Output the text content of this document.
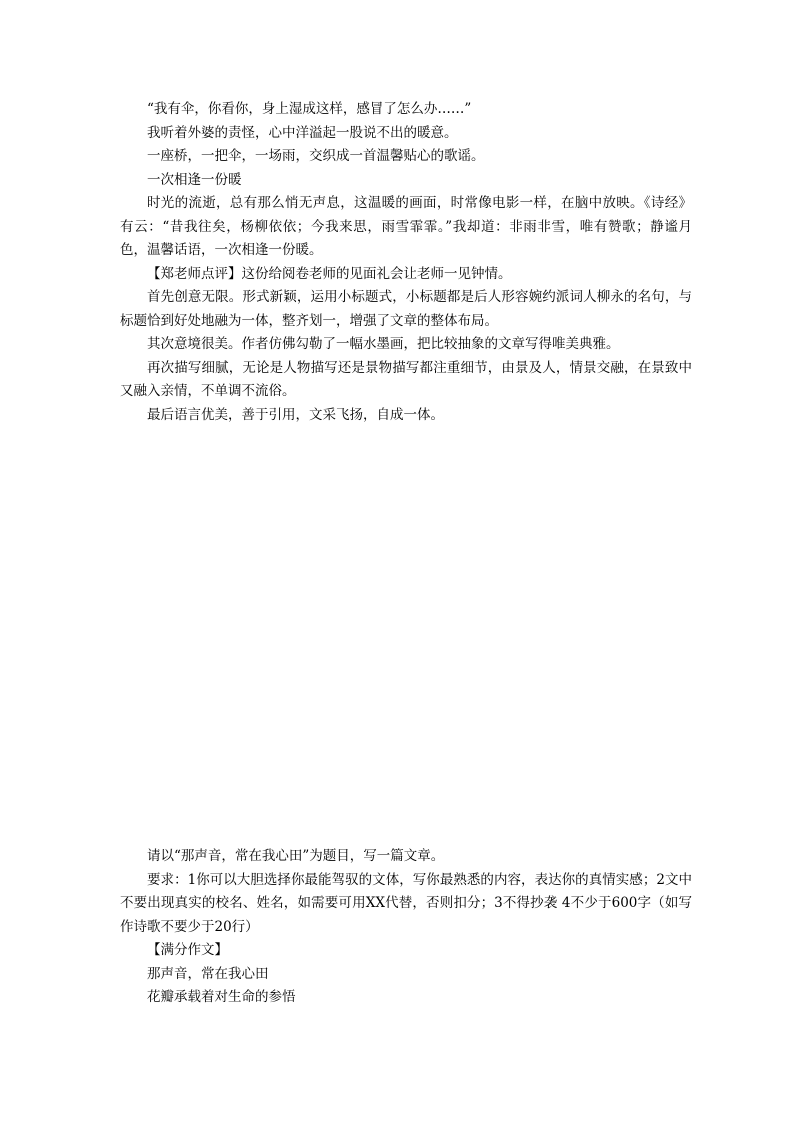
“我有伞，你看你，身上湿成这样，感冒了怎么办……”

我听着外婆的责怪，心中洋溢起一股说不出的暖意。

一座桥，一把伞，一场雨，交织成一首温馨贴心的歌谣。

一次相逢一份暖

时光的流逝，总有那么悄无声息，这温暖的画面，时常像电影一样，在脑中放映。《诗经》有云：“昔我往矣，杨柳依依；今我来思，雨雪霏霏。”我却道：非雨非雪，唯有赞歌；静谧月色，温馨话语，一次相逢一份暖。

【郑老师点评】这份给阅卷老师的见面礼会让老师一见钟情。

首先创意无限。形式新颖，运用小标题式，小标题都是后人形容婉约派词人柳永的名句，与标题恰到好处地融为一体，整齐划一，增强了文章的整体布局。

其次意境很美。作者仿佛勾勒了一幅水墨画，把比较抽象的文章写得唯美典雅。

再次描写细腻，无论是人物描写还是景物描写都注重细节，由景及人，情景交融，在景致中又融入亲情，不单调不流俗。

最后语言优美，善于引用，文采飞扬，自成一体。

请以“那声音，常在我心田”为题目，写一篇文章。

要求：1你可以大胆选择你最能驾驭的文体，写你最熟悉的内容，表达你的真情实感；2文中不要出现真实的校名、姓名，如需要可用XX代替，否则扣分；3不得抄袭 4不少于600字（如写作诗歌不要少于20行）

【满分作文】

那声音，常在我心田

花瓣承载着对生命的参悟
